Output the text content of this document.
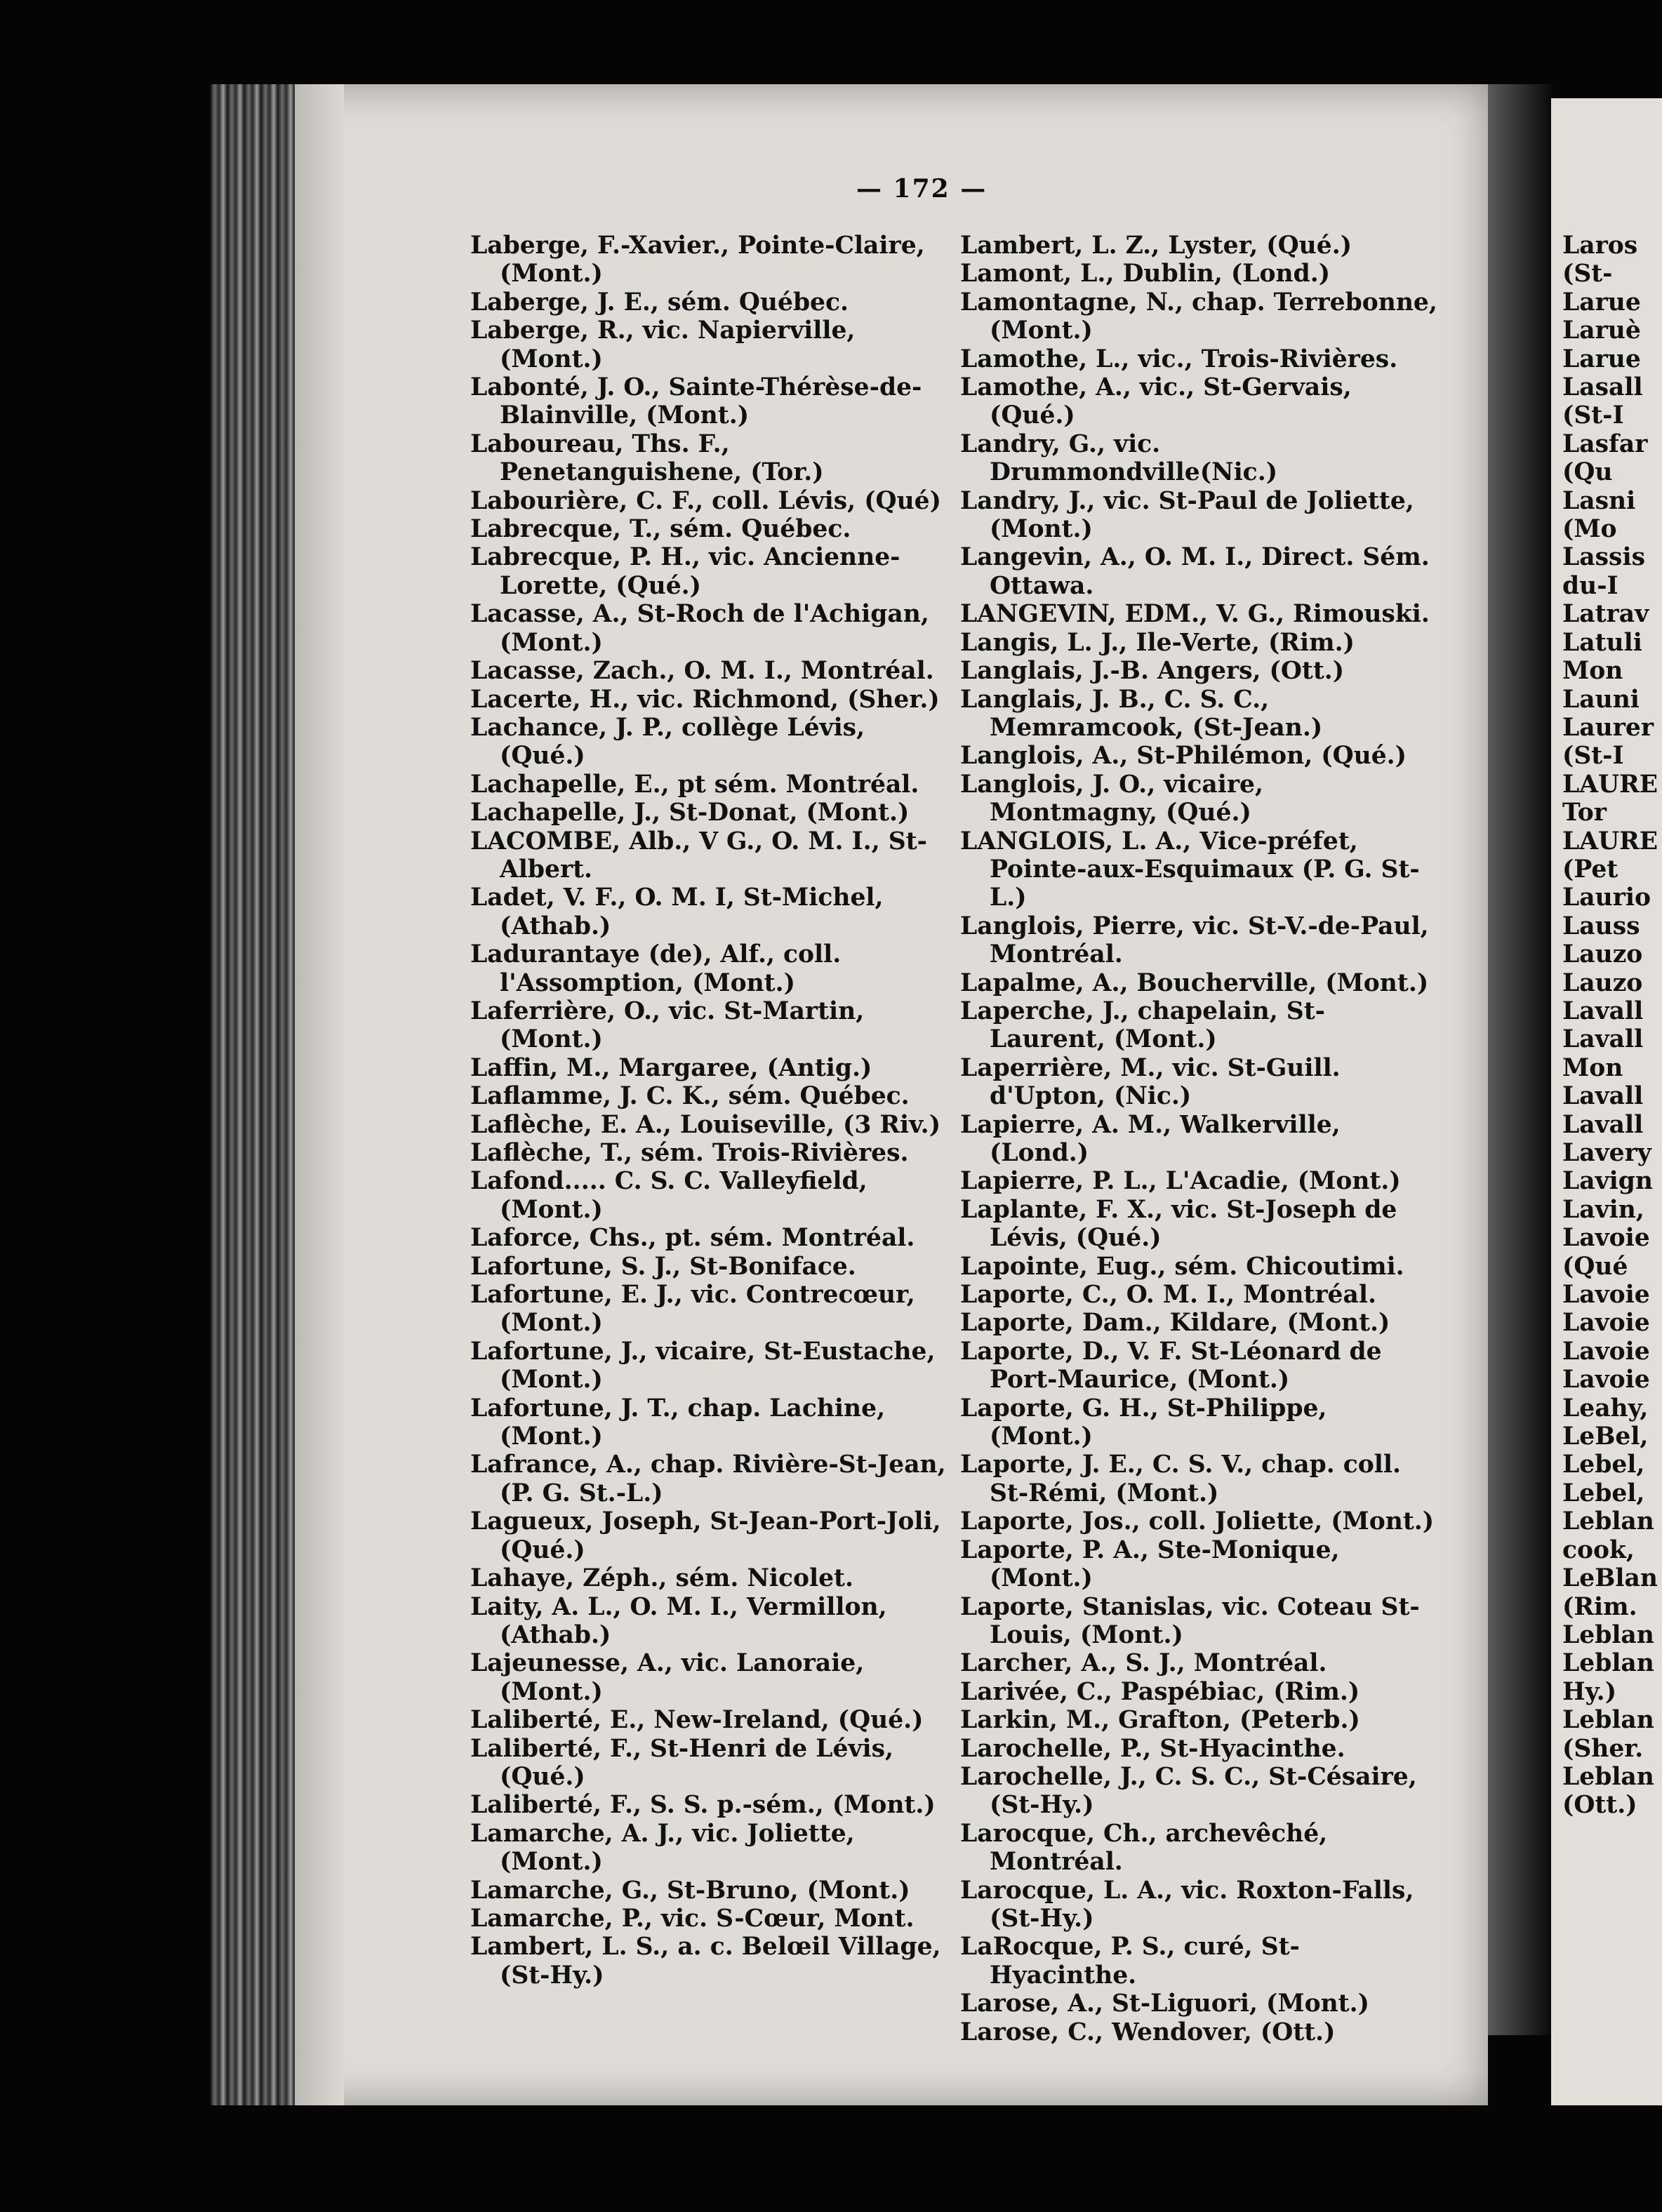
— 172 —
Laberge, F.-Xavier., Pointe-Claire, (Mont.)
Laberge, J. E., sém. Québec.
Laberge, R., vic. Napierville, (Mont.)
Labonté, J. O., Sainte-Thérèse-de-Blainville, (Mont.)
Laboureau, Ths. F., Penetanguishene, (Tor.)
Labourière, C. F., coll. Lévis, (Qué)
Labrecque, T., sém. Québec.
Labrecque, P. H., vic. Ancienne-Lorette, (Qué.)
Lacasse, A., St-Roch de l'Achigan, (Mont.)
Lacasse, Zach., O. M. I., Montréal.
Lacerte, H., vic. Richmond, (Sher.)
Lachance, J. P., collège Lévis, (Qué.)
Lachapelle, E., pt sém. Montréal.
Lachapelle, J., St-Donat, (Mont.)
LACOMBE, Alb., V G., O. M. I., St-Albert.
Ladet, V. F., O. M. I, St-Michel, (Athab.)
Ladurantaye (de), Alf., coll. l'Assomption, (Mont.)
Laferrière, O., vic. St-Martin, (Mont.)
Laffin, M., Margaree, (Antig.)
Laflamme, J. C. K., sém. Québec.
Laflèche, E. A., Louiseville, (3 Riv.)
Laflèche, T., sém. Trois-Rivières.
Lafond..... C. S. C. Valleyfield, (Mont.)
Laforce, Chs., pt. sém. Montréal.
Lafortune, S. J., St-Boniface.
Lafortune, E. J., vic. Contrecœur, (Mont.)
Lafortune, J., vicaire, St-Eustache, (Mont.)
Lafortune, J. T., chap. Lachine, (Mont.)
Lafrance, A., chap. Rivière-St-Jean, (P. G. St.-L.)
Lagueux, Joseph, St-Jean-Port-Joli, (Qué.)
Lahaye, Zéph., sém. Nicolet.
Laity, A. L., O. M. I., Vermillon, (Athab.)
Lajeunesse, A., vic. Lanoraie, (Mont.)
Laliberté, E., New-Ireland, (Qué.)
Laliberté, F., St-Henri de Lévis, (Qué.)
Laliberté, F., S. S. p.-sém., (Mont.)
Lamarche, A. J., vic. Joliette, (Mont.)
Lamarche, G., St-Bruno, (Mont.)
Lamarche, P., vic. S-Cœur, Mont.
Lambert, L. S., a. c. Belœil Village, (St-Hy.)
Lambert, L. Z., Lyster, (Qué.)
Lamont, L., Dublin, (Lond.)
Lamontagne, N., chap. Terrebonne, (Mont.)
Lamothe, L., vic., Trois-Rivières.
Lamothe, A., vic., St-Gervais, (Qué.)
Landry, G., vic. Drummondville(Nic.)
Landry, J., vic. St-Paul de Joliette, (Mont.)
Langevin, A., O. M. I., Direct. Sém. Ottawa.
LANGEVIN, EDM., V. G., Rimouski.
Langis, L. J., Ile-Verte, (Rim.)
Langlais, J.-B. Angers, (Ott.)
Langlais, J. B., C. S. C., Memramcook, (St-Jean.)
Langlois, A., St-Philémon, (Qué.)
Langlois, J. O., vicaire, Montmagny, (Qué.)
LANGLOIS, L. A., Vice-préfet, Pointe-aux-Esquimaux (P. G. St-L.)
Langlois, Pierre, vic. St-V.-de-Paul, Montréal.
Lapalme, A., Boucherville, (Mont.)
Laperche, J., chapelain, St-Laurent, (Mont.)
Laperrière, M., vic. St-Guill. d'Upton, (Nic.)
Lapierre, A. M., Walkerville, (Lond.)
Lapierre, P. L., L'Acadie, (Mont.)
Laplante, F. X., vic. St-Joseph de Lévis, (Qué.)
Lapointe, Eug., sém. Chicoutimi.
Laporte, C., O. M. I., Montréal.
Laporte, Dam., Kildare, (Mont.)
Laporte, D., V. F. St-Léonard de Port-Maurice, (Mont.)
Laporte, G. H., St-Philippe, (Mont.)
Laporte, J. E., C. S. V., chap. coll. St-Rémi, (Mont.)
Laporte, Jos., coll. Joliette, (Mont.)
Laporte, P. A., Ste-Monique, (Mont.)
Laporte, Stanislas, vic. Coteau St-Louis, (Mont.)
Larcher, A., S. J., Montréal.
Larivée, C., Paspébiac, (Rim.)
Larkin, M., Grafton, (Peterb.)
Larochelle, P., St-Hyacinthe.
Larochelle, J., C. S. C., St-Césaire, (St-Hy.)
Larocque, Ch., archevêché, Montréal.
Larocque, L. A., vic. Roxton-Falls, (St-Hy.)
LaRocque, P. S., curé, St-Hyacinthe.
Larose, A., St-Liguori, (Mont.)
Larose, C., Wendover, (Ott.)
Laros
(St-
Larue
Laruè
Larue
Lasall
(St-I
Lasfar
(Qu
Lasni
(Mo
Lassis
du-I
Latrav
Latuli
Mon
Launi
Laurer
(St-I
LAURE
Tor
LAURE
(Pet
Laurio
Lauss
Lauzo
Lauzo
Lavall
Lavall
Mon
Lavall
Lavall
Lavery
Lavign
Lavin,
Lavoie
(Qué
Lavoie
Lavoie
Lavoie
Lavoie
Leahy,
LeBel,
Lebel,
Lebel,
Leblan
cook,
LeBlan
(Rim.
Leblan
Leblan
Hy.)
Leblan
(Sher.
Leblan
(Ott.)
